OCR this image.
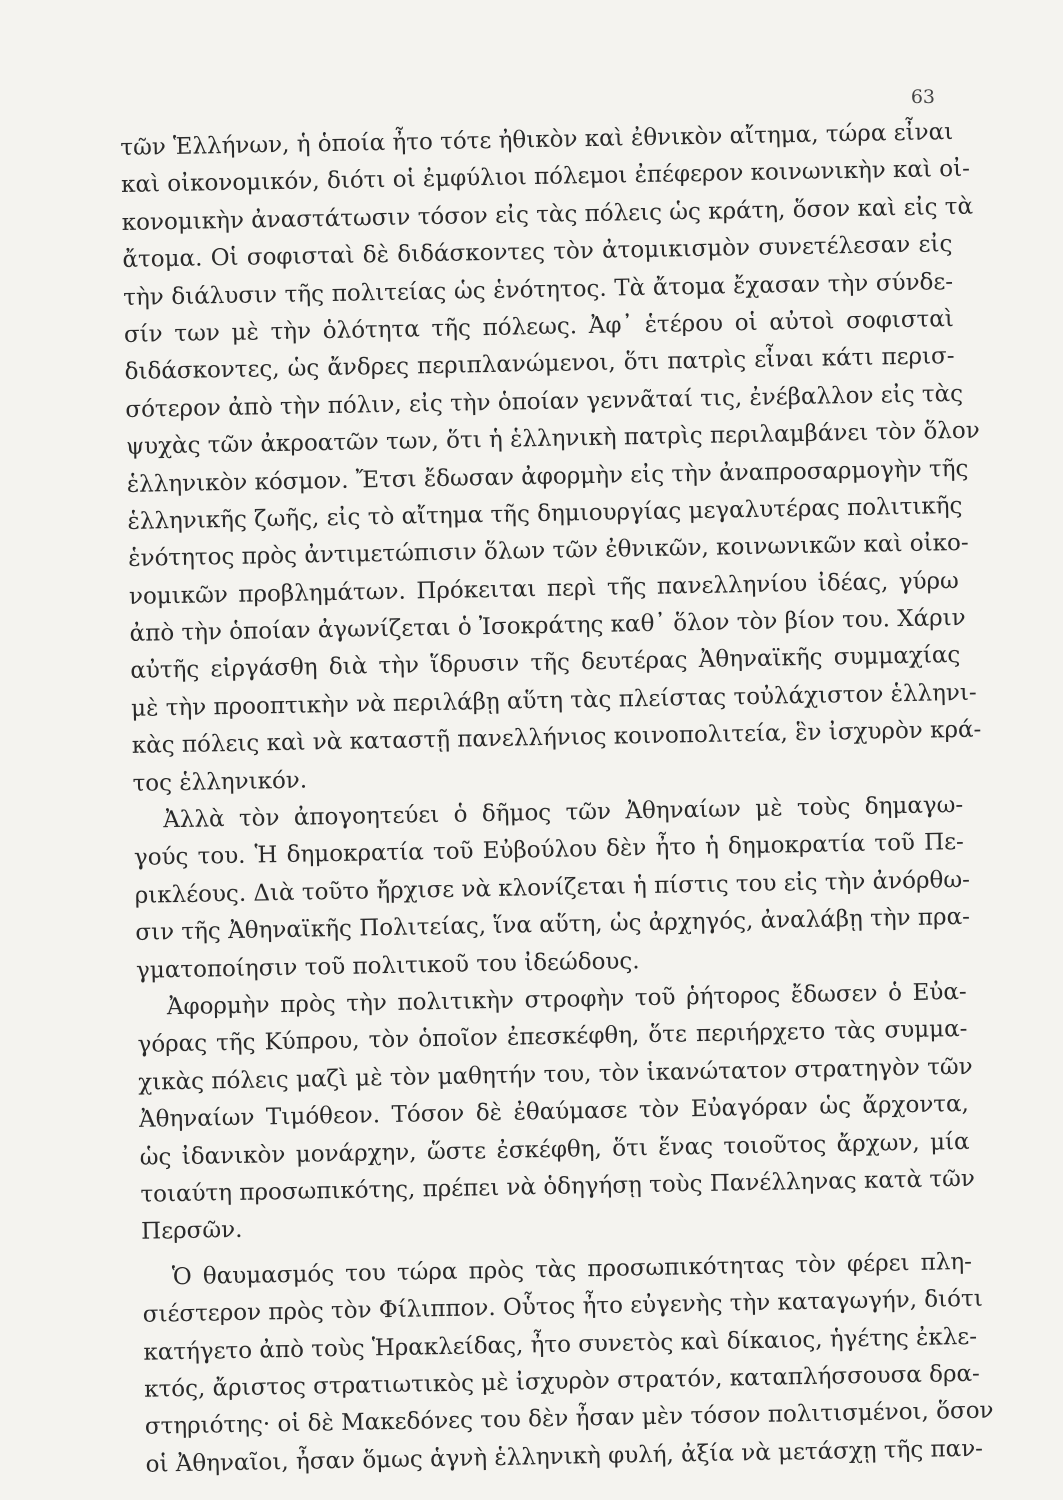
63
τῶν Ἑλλήνων, ἡ ὁποία ἦτο τότε ἠθικὸν καὶ ἐθνικὸν αἴτημα, τώρα εἶναι
καὶ οἰκονομικόν, διότι οἱ ἐμφύλιοι πόλεμοι ἐπέφερον κοινωνικὴν καὶ οἰ-
κονομικὴν ἀναστάτωσιν τόσον εἰς τὰς πόλεις ὡς κράτη, ὅσον καὶ εἰς τὰ
ἄτομα. Οἱ σοφισταὶ δὲ διδάσκοντες τὸν ἀτομικισμὸν συνετέλεσαν εἰς
τὴν διάλυσιν τῆς πολιτείας ὡς ἑνότητος. Τὰ ἄτομα ἔχασαν τὴν σύνδε-
σίν των μὲ τὴν ὁλότητα τῆς πόλεως. Ἀφ᾽ ἑτέρου οἱ αὐτοὶ σοφισταὶ
διδάσκοντες, ὡς ἄνδρες περιπλανώμενοι, ὅτι πατρὶς εἶναι κάτι περισ-
σότερον ἀπὸ τὴν πόλιν, εἰς τὴν ὁποίαν γεννᾶταί τις, ἐνέβαλλον εἰς τὰς
ψυχὰς τῶν ἀκροατῶν των, ὅτι ἡ ἑλληνικὴ πατρὶς περιλαμβάνει τὸν ὅλον
ἑλληνικὸν κόσμον. Ἔτσι ἔδωσαν ἀφορμὴν εἰς τὴν ἀναπροσαρμογὴν τῆς
ἑλληνικῆς ζωῆς, εἰς τὸ αἴτημα τῆς δημιουργίας μεγαλυτέρας πολιτικῆς
ἑνότητος πρὸς ἀντιμετώπισιν ὅλων τῶν ἐθνικῶν, κοινωνικῶν καὶ οἰκο-
νομικῶν προβλημάτων. Πρόκειται περὶ τῆς πανελληνίου ἰδέας, γύρω
ἀπὸ τὴν ὁποίαν ἀγωνίζεται ὁ Ἰσοκράτης καθ᾽ ὅλον τὸν βίον του. Χάριν
αὐτῆς εἰργάσθη διὰ τὴν ἵδρυσιν τῆς δευτέρας Ἀθηναϊκῆς συμμαχίας
μὲ τὴν προοπτικὴν νὰ περιλάβῃ αὕτη τὰς πλείστας τοὐλάχιστον ἑλληνι-
κὰς πόλεις καὶ νὰ καταστῇ πανελλήνιος κοινοπολιτεία, ἓν ἰσχυρὸν κρά-
τος ἑλληνικόν.
Ἀλλὰ τὸν ἀπογοητεύει ὁ δῆμος τῶν Ἀθηναίων μὲ τοὺς δημαγω-
γούς του. Ἡ δημοκρατία τοῦ Εὐβούλου δὲν ἦτο ἡ δημοκρατία τοῦ Πε-
ρικλέους. Διὰ τοῦτο ἤρχισε νὰ κλονίζεται ἡ πίστις του εἰς τὴν ἀνόρθω-
σιν τῆς Ἀθηναϊκῆς Πολιτείας, ἵνα αὕτη, ὡς ἀρχηγός, ἀναλάβῃ τὴν πρα-
γματοποίησιν τοῦ πολιτικοῦ του ἰδεώδους.
Ἀφορμὴν πρὸς τὴν πολιτικὴν στροφὴν τοῦ ῥήτορος ἔδωσεν ὁ Εὐα-
γόρας τῆς Κύπρου, τὸν ὁποῖον ἐπεσκέφθη, ὅτε περιήρχετο τὰς συμμα-
χικὰς πόλεις μαζὶ μὲ τὸν μαθητήν του, τὸν ἱκανώτατον στρατηγὸν τῶν
Ἀθηναίων Τιμόθεον. Τόσον δὲ ἐθαύμασε τὸν Εὐαγόραν ὡς ἄρχοντα,
ὡς ἰδανικὸν μονάρχην, ὥστε ἐσκέφθη, ὅτι ἕνας τοιοῦτος ἄρχων, μία
τοιαύτη προσωπικότης, πρέπει νὰ ὁδηγήσῃ τοὺς Πανέλληνας κατὰ τῶν
Περσῶν.
Ὁ θαυμασμός του τώρα πρὸς τὰς προσωπικότητας τὸν φέρει πλη-
σιέστερον πρὸς τὸν Φίλιππον. Οὗτος ἦτο εὐγενὴς τὴν καταγωγήν, διότι
κατήγετο ἀπὸ τοὺς Ἡρακλείδας, ἦτο συνετὸς καὶ δίκαιος, ἡγέτης ἐκλε-
κτός, ἄριστος στρατιωτικὸς μὲ ἰσχυρὸν στρατόν, καταπλήσσουσα δρα-
στηριότης· οἱ δὲ Μακεδόνες του δὲν ἦσαν μὲν τόσον πολιτισμένοι, ὅσον
οἱ Ἀθηναῖοι, ἦσαν ὅμως ἁγνὴ ἑλληνικὴ φυλή, ἀξία νὰ μετάσχῃ τῆς παν-
